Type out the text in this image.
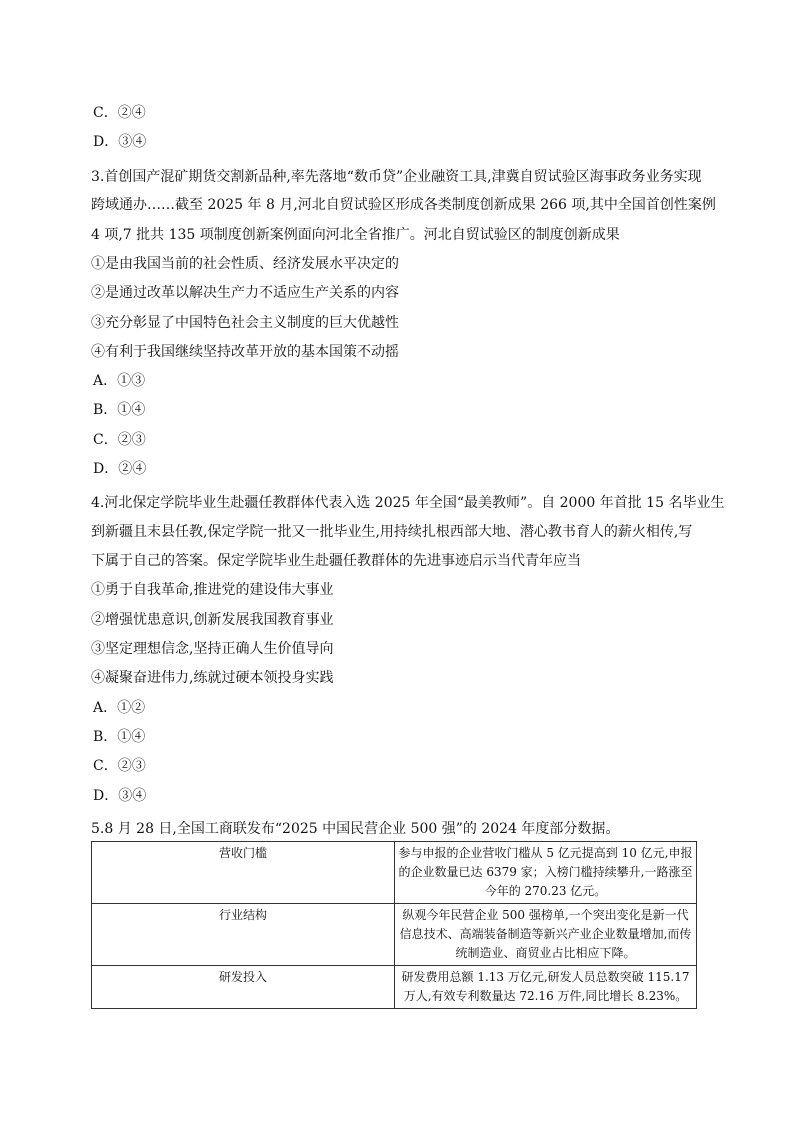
C．②④
D．③④
3.首创国产混矿期货交割新品种,率先落地“数币贷”企业融资工具,津冀自贸试验区海事政务业务实现
跨域通办……截至 2025 年 8 月,河北自贸试验区形成各类制度创新成果 266 项,其中全国首创性案例
4 项,7 批共 135 项制度创新案例面向河北全省推广。河北自贸试验区的制度创新成果
①是由我国当前的社会性质、经济发展水平决定的
②是通过改革以解决生产力不适应生产关系的内容
③充分彰显了中国特色社会主义制度的巨大优越性
④有利于我国继续坚持改革开放的基本国策不动摇
A．①③
B．①④
C．②③
D．②④
4.河北保定学院毕业生赴疆任教群体代表入选 2025 年全国“最美教师”。自 2000 年首批 15 名毕业生
到新疆且末县任教,保定学院一批又一批毕业生,用持续扎根西部大地、潜心教书育人的薪火相传,写
下属于自己的答案。保定学院毕业生赴疆任教群体的先进事迹启示当代青年应当
①勇于自我革命,推进党的建设伟大事业
②增强忧患意识,创新发展我国教育事业
③坚定理想信念,坚持正确人生价值导向
④凝聚奋进伟力,练就过硬本领投身实践
A．①②
B．①④
C．②③
D．③④
5.8 月 28 日,全国工商联发布“2025 中国民营企业 500 强”的 2024 年度部分数据。
营收门槛	参与申报的企业营收门槛从 5 亿元提高到 10 亿元,申报的企业数量已达 6379 家；入榜门槛持续攀升,一路涨至今年的 270.23 亿元。
行业结构	纵观今年民营企业 500 强榜单,一个突出变化是新一代信息技术、高端装备制造等新兴产业企业数量增加,而传统制造业、商贸业占比相应下降。
研发投入	研发费用总额 1.13 万亿元,研发人员总数突破 115.17 万人,有效专利数量达 72.16 万件,同比增长 8.23%。
